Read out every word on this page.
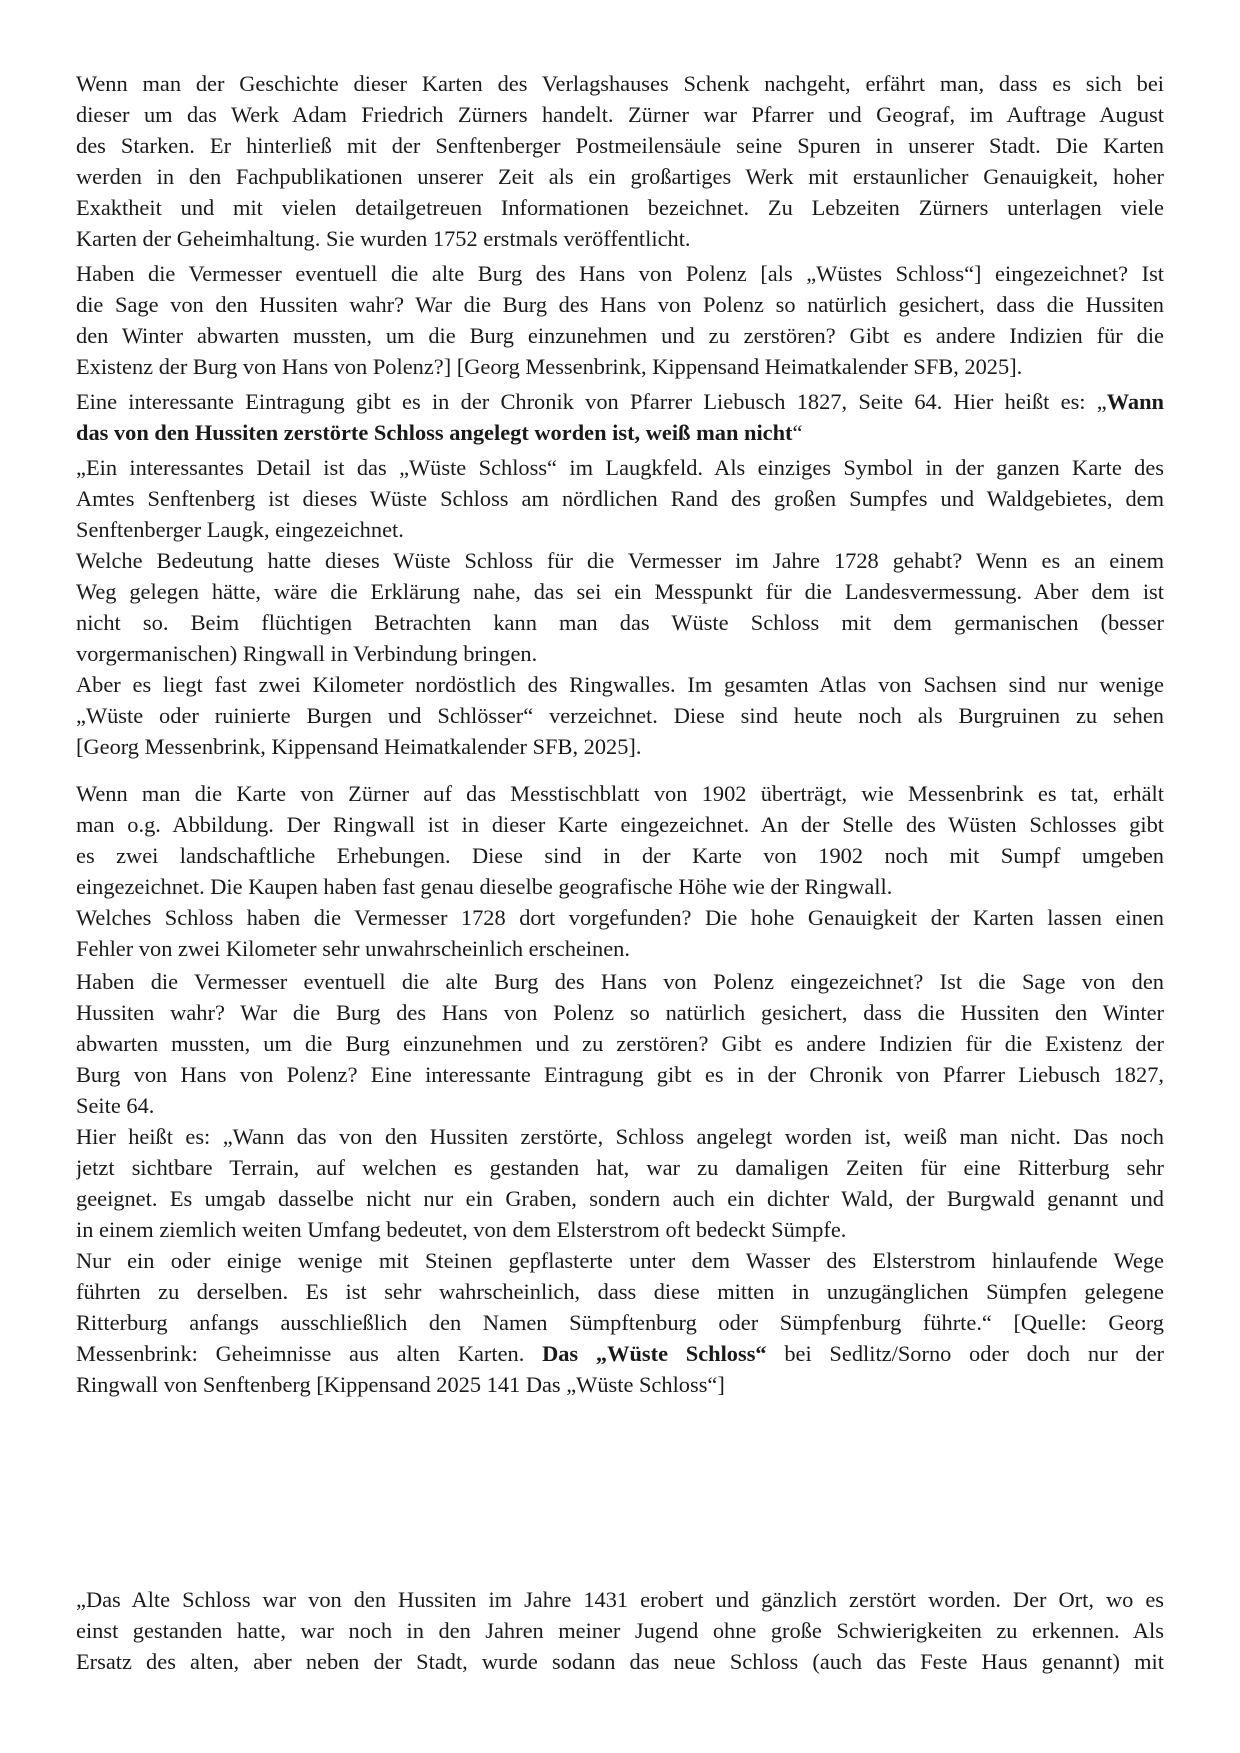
Wenn man der Geschichte dieser Karten des Verlagshauses Schenk nachgeht, erfährt man, dass es sich bei
dieser um das Werk Adam Friedrich Zürners handelt. Zürner war Pfarrer und Geograf, im Auftrage August
des Starken. Er hinterließ mit der Senftenberger Postmeilensäule seine Spuren in unserer Stadt. Die Karten
werden in den Fachpublikationen unserer Zeit als ein großartiges Werk mit erstaunlicher Genauigkeit, hoher
Exaktheit und mit vielen detailgetreuen Informationen bezeichnet. Zu Lebzeiten Zürners unterlagen viele
Karten der Geheimhaltung. Sie wurden 1752 erstmals veröffentlicht.
Haben die Vermesser eventuell die alte Burg des Hans von Polenz [als „Wüstes Schloss“] eingezeichnet? Ist
die Sage von den Hussiten wahr? War die Burg des Hans von Polenz so natürlich gesichert, dass die Hussiten
den Winter abwarten mussten, um die Burg einzunehmen und zu zerstören? Gibt es andere Indizien für die
Existenz der Burg von Hans von Polenz?] [Georg Messenbrink, Kippensand Heimatkalender SFB, 2025].
Eine interessante Eintragung gibt es in der Chronik von Pfarrer Liebusch 1827, Seite 64. Hier heißt es: „Wann
das von den Hussiten zerstörte Schloss angelegt worden ist, weiß man nicht“
„Ein interessantes Detail ist das „Wüste Schloss“ im Laugkfeld. Als einziges Symbol in der ganzen Karte des
Amtes Senftenberg ist dieses Wüste Schloss am nördlichen Rand des großen Sumpfes und Waldgebietes, dem
Senftenberger Laugk, eingezeichnet.
Welche Bedeutung hatte dieses Wüste Schloss für die Vermesser im Jahre 1728 gehabt? Wenn es an einem
Weg gelegen hätte, wäre die Erklärung nahe, das sei ein Messpunkt für die Landesvermessung. Aber dem ist
nicht so. Beim flüchtigen Betrachten kann man das Wüste Schloss mit dem germanischen (besser
vorgermanischen) Ringwall in Verbindung bringen.
Aber es liegt fast zwei Kilometer nordöstlich des Ringwalles. Im gesamten Atlas von Sachsen sind nur wenige
„Wüste oder ruinierte Burgen und Schlösser“ verzeichnet. Diese sind heute noch als Burgruinen zu sehen
[Georg Messenbrink, Kippensand Heimatkalender SFB, 2025].
Wenn man die Karte von Zürner auf das Messtischblatt von 1902 überträgt, wie Messenbrink es tat, erhält
man o.g. Abbildung. Der Ringwall ist in dieser Karte eingezeichnet. An der Stelle des Wüsten Schlosses gibt
es zwei landschaftliche Erhebungen. Diese sind in der Karte von 1902 noch mit Sumpf umgeben
eingezeichnet. Die Kaupen haben fast genau dieselbe geografische Höhe wie der Ringwall.
Welches Schloss haben die Vermesser 1728 dort vorgefunden? Die hohe Genauigkeit der Karten lassen einen
Fehler von zwei Kilometer sehr unwahrscheinlich erscheinen.
Haben die Vermesser eventuell die alte Burg des Hans von Polenz eingezeichnet? Ist die Sage von den
Hussiten wahr? War die Burg des Hans von Polenz so natürlich gesichert, dass die Hussiten den Winter
abwarten mussten, um die Burg einzunehmen und zu zerstören? Gibt es andere Indizien für die Existenz der
Burg von Hans von Polenz? Eine interessante Eintragung gibt es in der Chronik von Pfarrer Liebusch 1827,
Seite 64.
Hier heißt es: „Wann das von den Hussiten zerstörte, Schloss angelegt worden ist, weiß man nicht. Das noch
jetzt sichtbare Terrain, auf welchen es gestanden hat, war zu damaligen Zeiten für eine Ritterburg sehr
geeignet. Es umgab dasselbe nicht nur ein Graben, sondern auch ein dichter Wald, der Burgwald genannt und
in einem ziemlich weiten Umfang bedeutet, von dem Elsterstrom oft bedeckt Sümpfe.
Nur ein oder einige wenige mit Steinen gepflasterte unter dem Wasser des Elsterstrom hinlaufende Wege
führten zu derselben. Es ist sehr wahrscheinlich, dass diese mitten in unzugänglichen Sümpfen gelegene
Ritterburg anfangs ausschließlich den Namen Sümpftenburg oder Sümpfenburg führte.“ [Quelle: Georg
Messenbrink: Geheimnisse aus alten Karten. Das „Wüste Schloss“ bei Sedlitz/Sorno oder doch nur der
Ringwall von Senftenberg [Kippensand 2025 141 Das „Wüste Schloss“]
„Das Alte Schloss war von den Hussiten im Jahre 1431 erobert und gänzlich zerstört worden. Der Ort, wo es
einst gestanden hatte, war noch in den Jahren meiner Jugend ohne große Schwierigkeiten zu erkennen. Als
Ersatz des alten, aber neben der Stadt, wurde sodann das neue Schloss (auch das Feste Haus genannt) mit
